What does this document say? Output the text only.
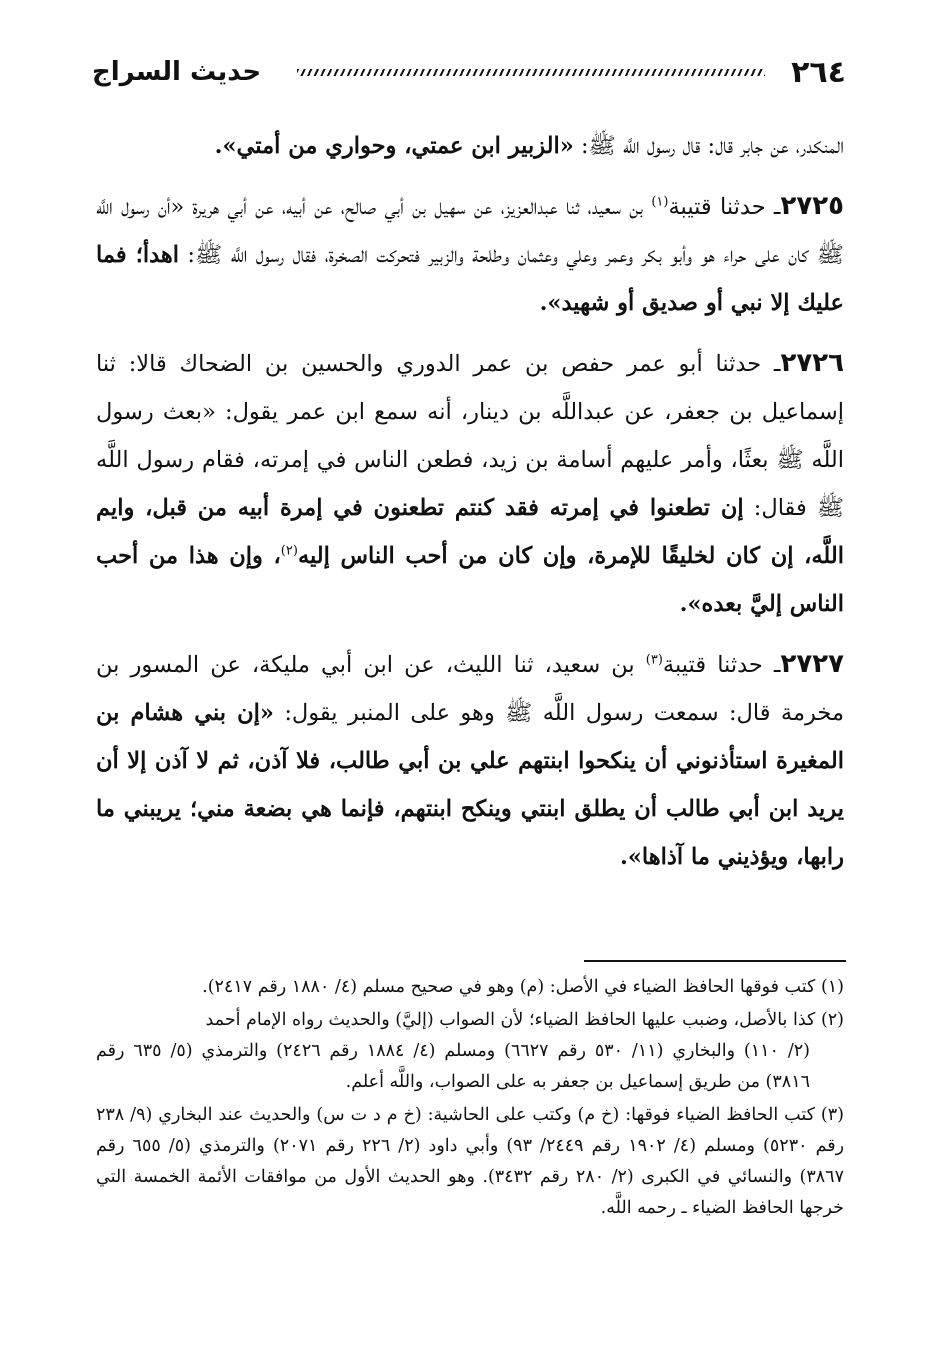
٢٦٤
حديث السراج

المنكدر، عن جابر قال: قال رسول اللَّه ﷺ: «الزبير ابن عمتي، وحواري من أمتي».

٢٧٢٥ـ حدثنا قتيبة$^{(١)}$ بن سعيد، ثنا عبدالعزيز، عن سهيل بن أبي صالح، عن أبيه، عن أبي هريرة «أن رسول اللَّه ﷺ كان على حراء هو وأبو بكر وعمر وعلي وعثمان وطلحة والزبير فتحركت الصخرة، فقال رسول اللَّه ﷺ: اهدأ؛ فما عليك إلا نبي أو صديق أو شهيد».

٢٧٢٦ـ حدثنا أبو عمر حفص بن عمر الدوري والحسين بن الضحاك قالا: ثنا إسماعيل بن جعفر، عن عبداللَّه بن دينار، أنه سمع ابن عمر يقول: «بعث رسول اللَّه ﷺ بعثًا، وأمر عليهم أسامة بن زيد، فطعن الناس في إمرته، فقام رسول اللَّه ﷺ فقال: إن تطعنوا في إمرته فقد كنتم تطعنون في إمرة أبيه من قبل، وايم اللَّه، إن كان لخليقًا للإمرة، وإن كان من أحب الناس إليه$^{(٢)}$، وإن هذا من أحب الناس إليَّ بعده».

٢٧٢٧ـ حدثنا قتيبة$^{(٣)}$ بن سعيد، ثنا الليث، عن ابن أبي مليكة، عن المسور بن مخرمة قال: سمعت رسول اللَّه ﷺ وهو على المنبر يقول: «إن بني هشام بن المغيرة استأذنوني أن ينكحوا ابنتهم علي بن أبي طالب، فلا آذن، ثم لا آذن إلا أن يريد ابن أبي طالب أن يطلق ابنتي وينكح ابنتهم، فإنما هي بضعة مني؛ يريبني ما رابها، ويؤذيني ما آذاها».

(١) كتب فوقها الحافظ الضياء في الأصل: (م) وهو في صحيح مسلم (٤/ ١٨٨٠ رقم ٢٤١٧).
(٢) كذا بالأصل، وضبب عليها الحافظ الضياء؛ لأن الصواب (إليَّ) والحديث رواه الإمام أحمد
(٢/ ١١٠) والبخاري (١١/ ٥٣٠ رقم ٦٦٢٧) ومسلم (٤/ ١٨٨٤ رقم ٢٤٢٦) والترمذي (٥/ ٦٣٥ رقم ٣٨١٦) من طريق إسماعيل بن جعفر به على الصواب، واللَّه أعلم.
(٣) كتب الحافظ الضياء فوقها: (خ م) وكتب على الحاشية: (خ م د ت س) والحديث عند البخاري (٩/ ٢٣٨ رقم ٥٢٣٠) ومسلم (٤/ ١٩٠٢ رقم ٢٤٤٩/ ٩٣) وأبي داود (٢/ ٢٢٦ رقم ٢٠٧١) والترمذي (٥/ ٦٥٥ رقم ٣٨٦٧) والنسائي في الكبرى (٢/ ٢٨٠ رقم ٣٤٣٢). وهو الحديث الأول من موافقات الأئمة الخمسة التي خرجها الحافظ الضياء ـ رحمه اللَّه.
